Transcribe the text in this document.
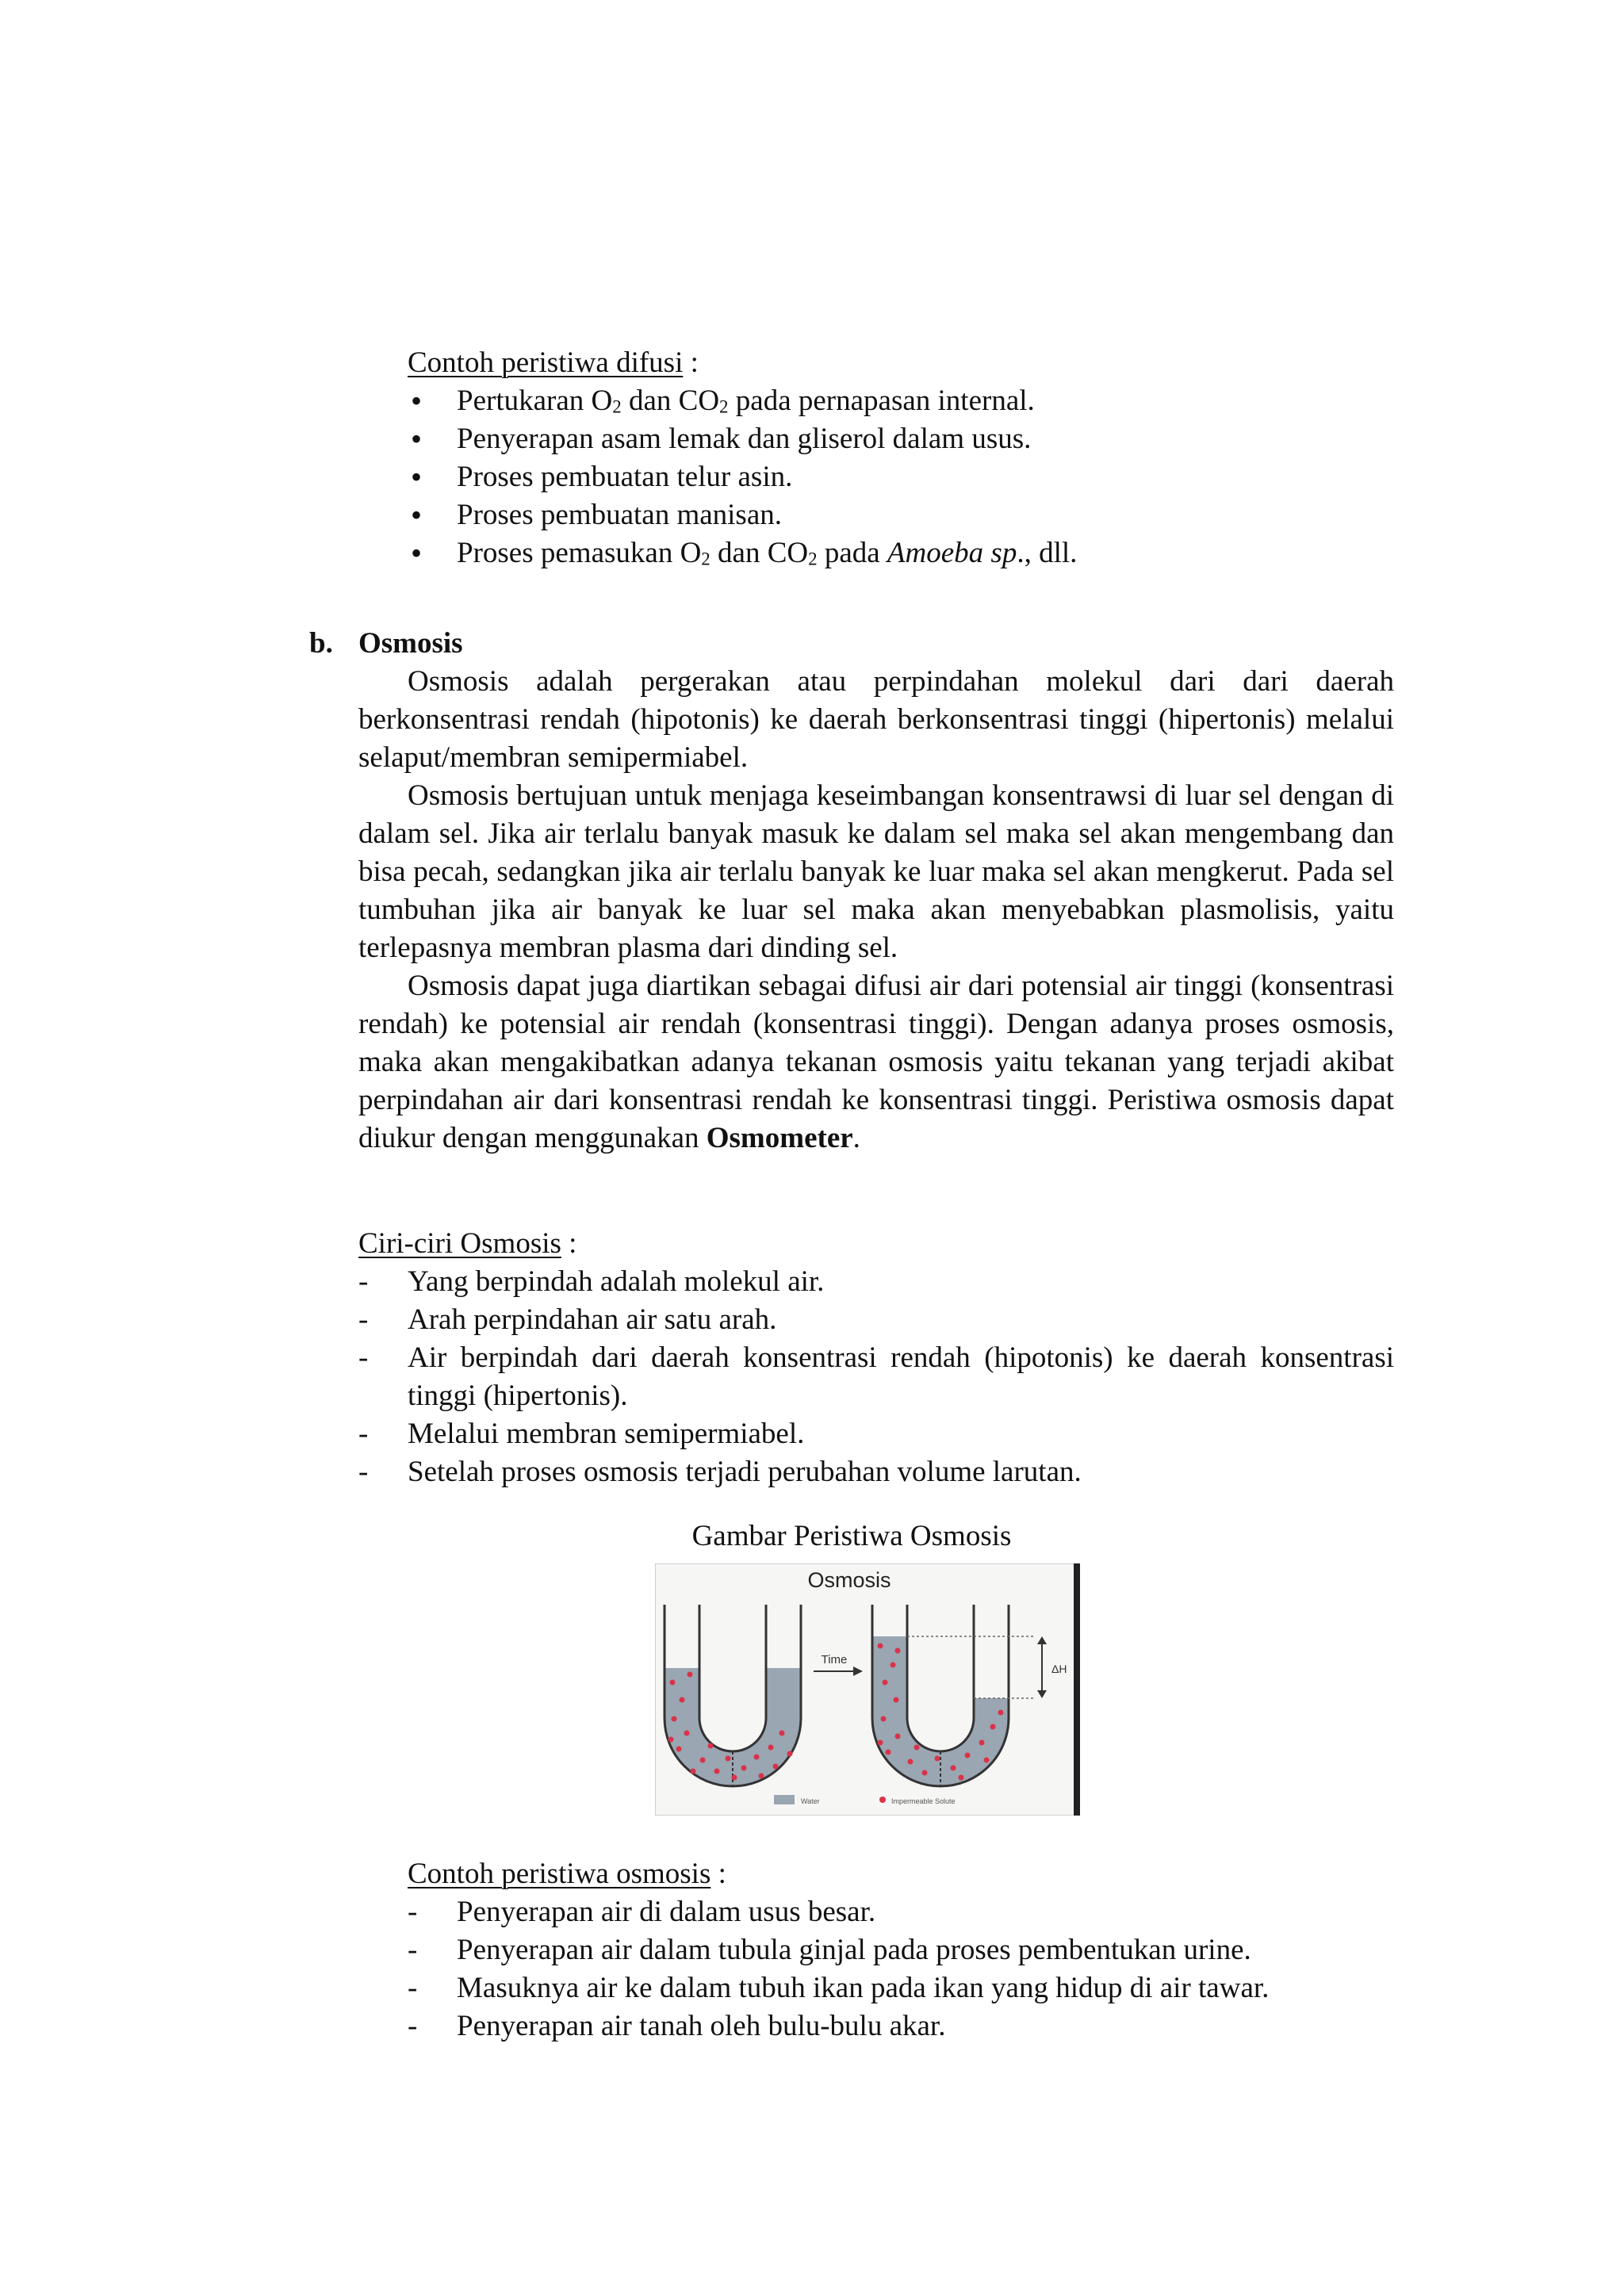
Contoh peristiwa difusi :
• Pertukaran $O_2$ dan $CO_2$ pada pernapasan internal.
• Penyerapan asam lemak dan gliserol dalam usus.
• Proses pembuatan telur asin.
• Proses pembuatan manisan.
• Proses pemasukan $O_2$ dan $CO_2$ pada Amoeba sp., dll.
b. Osmosis

Osmosis adalah pergerakan atau perpindahan molekul dari dari daerah berkonsentrasi rendah (hipotonis) ke daerah berkonsentrasi tinggi (hipertonis) melalui selaput/membran semipermiabel.

Osmosis bertujuan untuk menjaga keseimbangan konsentrawsi di luar sel dengan di dalam sel. Jika air terlalu banyak masuk ke dalam sel maka sel akan mengembang dan bisa pecah, sedangkan jika air terlalu banyak ke luar maka sel akan mengkerut. Pada sel tumbuhan jika air banyak ke luar sel maka akan menyebabkan plasmolisis, yaitu terlepasnya membran plasma dari dinding sel.

Osmosis dapat juga diartikan sebagai difusi air dari potensial air tinggi (konsentrasi rendah) ke potensial air rendah (konsentrasi tinggi). Dengan adanya proses osmosis, maka akan mengakibatkan adanya tekanan osmosis yaitu tekanan yang terjadi akibat perpindahan air dari konsentrasi rendah ke konsentrasi tinggi. Peristiwa osmosis dapat diukur dengan menggunakan Osmometer.

Ciri-ciri Osmosis :
- Yang berpindah adalah molekul air.
- Arah perpindahan air satu arah.
- Air berpindah dari daerah konsentrasi rendah (hipotonis) ke daerah konsentrasi tinggi (hipertonis).
- Melalui membran semipermiabel.
- Setelah proses osmosis terjadi perubahan volume larutan.
Gambar Peristiwa Osmosis
Osmosis
ΔH
Time
Water	Impermeable Solute
Contoh peristiwa osmosis :
- Penyerapan air di dalam usus besar.
- Penyerapan air dalam tubula ginjal pada proses pembentukan urine.
- Masuknya air ke dalam tubuh ikan pada ikan yang hidup di air tawar.
- Penyerapan air tanah oleh bulu-bulu akar.
